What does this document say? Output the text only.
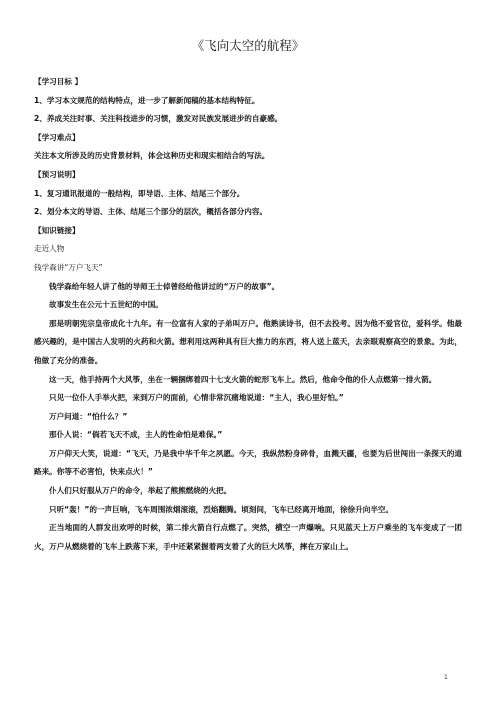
《飞向太空的航程》
【学习目标 】
1、学习本文规范的结构特点，进一步了解新闻稿的基本结构特征。
2、养成关注时事、关注科技进步的习惯，激发对民族发展进步的自豪感。
【学习难点】
关注本文所涉及的历史背景材料，体会这种历史和现实相结合的写法。
【预习说明】
1、复习通讯报道的一般结构，即导语、主体、结尾三个部分。
2、划分本文的导语、主体、结尾三个部分的层次，概括各部分内容。
【知识链接】
走近人物
钱学森讲“万户飞天”
钱学森给年轻人讲了他的导师王士倬曾经给他讲过的“万户的故事”。
故事发生在公元十五世纪的中国。
那是明朝宪宗皇帝成化十九年。有一位富有人家的子弟叫万户。他熟读诗书，但不去投考。因为他不爱官位，爱科学。他最感兴趣的，是中国古人发明的火药和火箭。想利用这两种具有巨大推力的东西，将人送上蓝天，去亲眼观察高空的景象。为此，他做了充分的准备。
这一天，他手持两个大风筝，坐在一辆捆绑着四十七支火箭的蛇形飞车上。然后，他命令他的仆人点燃第一排火箭。
只见一位仆人手举火把，来到万户的面前，心情非常沉痛地说道：“主人，我心里好怕。”
万户问道：“怕什么？”
那仆人说：“倘若飞天不成，主人的性命怕是难保。”
万户仰天大笑，说道：“飞天，乃是我中华千年之夙愿。今天，我纵然粉身碎骨，血溅天疆，也要为后世闯出一条探天的道路来。你等不必害怕，快来点火！”
仆人们只好服从万户的命令，举起了熊熊燃烧的火把。
只听“轰！”的一声巨响，飞车周围浓烟滚滚，烈焰翻腾。顷刻间，飞车已经离开地面，徐徐升向半空。
正当地面的人群发出欢呼的时候，第二排火箭自行点燃了。突然，横空一声爆响。只见蓝天上万户乘坐的飞车变成了一团火，万户从燃烧着的飞车上跌落下来，手中还紧紧握着两支着了火的巨大风筝，摔在万家山上。
1
